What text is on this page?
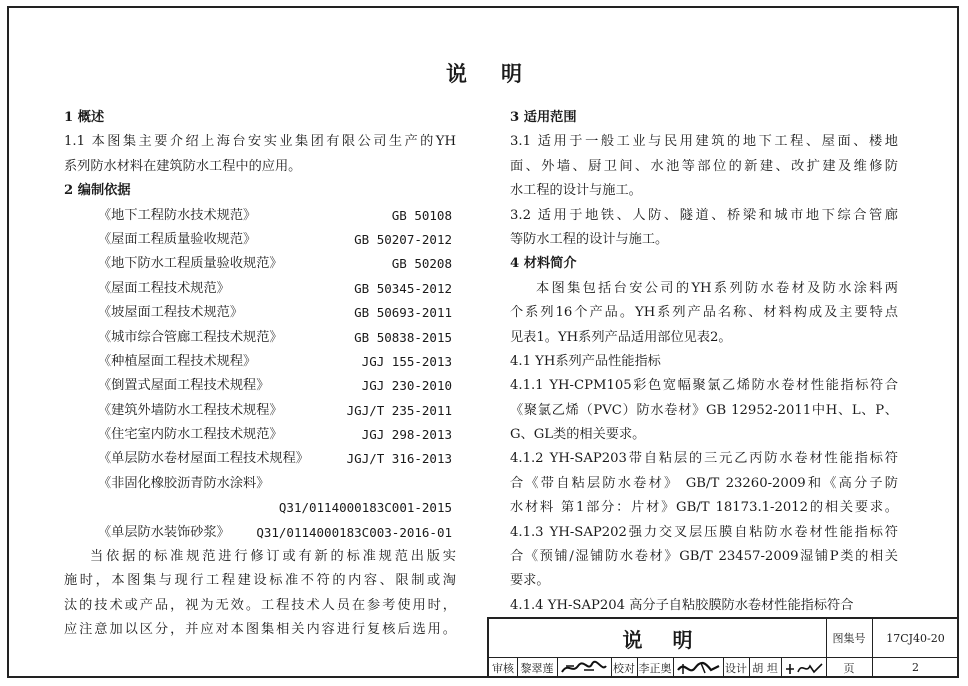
说明
1 概述
1.1 本图集主要介绍上海台安实业集团有限公司生产的YH
系列防水材料在建筑防水工程中的应用。
2 编制依据
《地下工程防水技术规范》	GB 50108
《屋面工程质量验收规范》	GB 50207-2012
《地下防水工程质量验收规范》	GB 50208
《屋面工程技术规范》	GB 50345-2012
《坡屋面工程技术规范》	GB 50693-2011
《城市综合管廊工程技术规范》	GB 50838-2015
《种植屋面工程技术规程》	JGJ 155-2013
《倒置式屋面工程技术规程》	JGJ 230-2010
《建筑外墙防水工程技术规程》	JGJ/T 235-2011
《住宅室内防水工程技术规范》	JGJ 298-2013
《单层防水卷材屋面工程技术规程》	JGJ/T 316-2013
《非固化橡胶沥青防水涂料》
Q31/0114000183C001-2015
《单层防水装饰砂浆》 Q31/0114000183C003-2016-01
当依据的标准规范进行修订或有新的标准规范出版实
施时，本图集与现行工程建设标准不符的内容、限制或淘
汰的技术或产品，视为无效。工程技术人员在参考使用时，
应注意加以区分，并应对本图集相关内容进行复核后选用。
3 适用范围
3.1 适用于一般工业与民用建筑的地下工程、屋面、楼地
面、外墙、厨卫间、水池等部位的新建、改扩建及维修防
水工程的设计与施工。
3.2 适用于地铁、人防、隧道、桥梁和城市地下综合管廊
等防水工程的设计与施工。
4 材料简介
本图集包括台安公司的YH系列防水卷材及防水涂料两
个系列16个产品。YH系列产品名称、材料构成及主要特点
见表1。YH系列产品适用部位见表2。
4.1 YH系列产品性能指标
4.1.1 YH-CPM105彩色宽幅聚氯乙烯防水卷材性能指标符合
《聚氯乙烯（PVC）防水卷材》GB 12952-2011中H、L、P、
G、GL类的相关要求。
4.1.2 YH-SAP203带自粘层的三元乙丙防水卷材性能指标符
合《带自粘层防水卷材》 GB/T 23260-2009和《高分子防
水材料 第1部分：片材》GB/T 18173.1-2012的相关要求。
4.1.3 YH-SAP202强力交叉层压膜自粘防水卷材性能指标符
合《预铺/湿铺防水卷材》GB/T 23457-2009湿铺P类的相关
要求。
4.1.4 YH-SAP204 高分子自粘胶膜防水卷材性能指标符合
说明	图集号	17CJ40-20
页	2
审核 黎翠莲	校对 李正奥	设计 胡 坦
